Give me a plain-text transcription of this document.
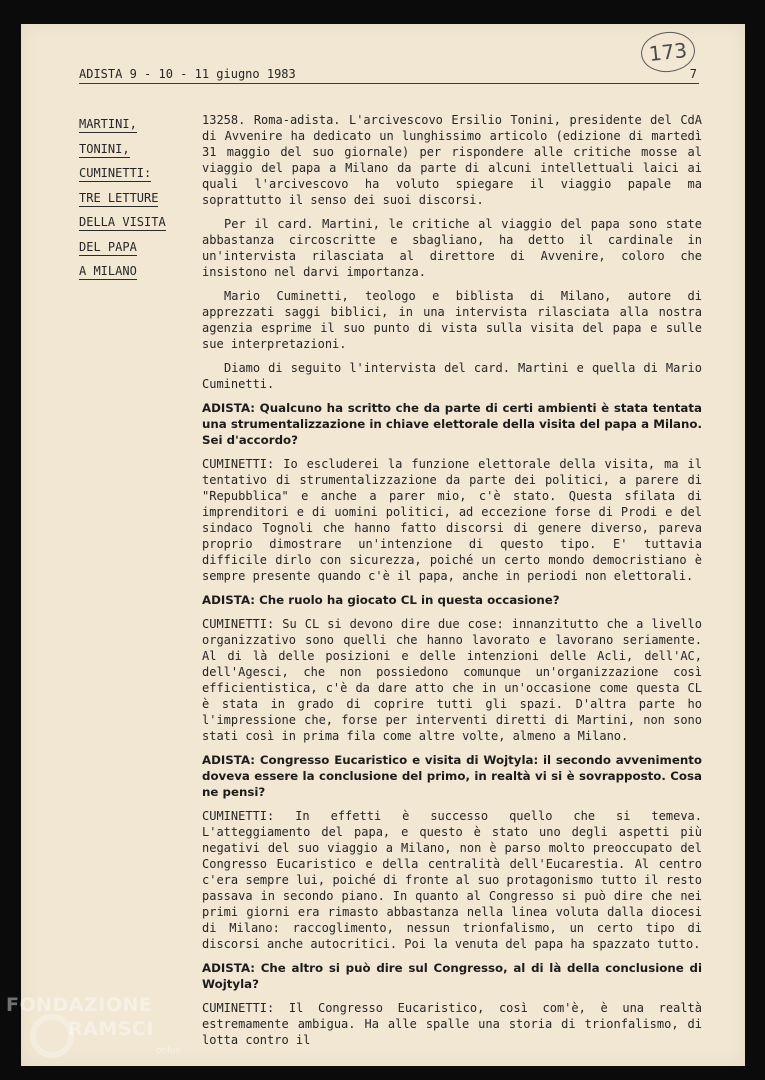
ADISTA 9 - 10 - 11 giugno 1983	7
173
MARTINI,
TONINI,
CUMINETTI:
TRE LETTURE
DELLA VISITA
DEL PAPA
A MILANO

13258. Roma-adista. L'arcivescovo Ersilio Tonini, presidente del CdA di Avvenire ha dedicato un lunghissimo articolo (edizione di martedì 31 maggio del suo giornale) per rispondere alle critiche mosse al viaggio del papa a Milano da parte di alcuni intellettuali laici ai quali l'arcivescovo ha voluto spiegare il viaggio papale ma soprattutto il senso dei suoi discorsi.

Per il card. Martini, le critiche al viaggio del papa sono state abbastanza circoscritte e sbagliano, ha detto il cardinale in un'intervista rilasciata al direttore di Avvenire, coloro che insistono nel darvi importanza.

Mario Cuminetti, teologo e biblista di Milano, autore di apprezzati saggi biblici, in una intervista rilasciata alla nostra agenzia esprime il suo punto di vista sulla visita del papa e sulle sue interpretazioni.

Diamo di seguito l'intervista del card. Martini e quella di Mario Cuminetti.

ADISTA: Qualcuno ha scritto che da parte di certi ambienti è stata tentata una strumentalizzazione in chiave elettorale della visita del papa a Milano. Sei d'accordo?

CUMINETTI: Io escluderei la funzione elettorale della visita, ma il tentativo di strumentalizzazione da parte dei politici, a parere di "Repubblica" e anche a parer mio, c'è stato. Questa sfilata di imprenditori e di uomini politici, ad eccezione forse di Prodi e del sindaco Tognoli che hanno fatto discorsi di genere diverso, pareva proprio dimostrare un'intenzione di questo tipo. E' tuttavia difficile dirlo con sicurezza, poiché un certo mondo democristiano è sempre presente quando c'è il papa, anche in periodi non elettorali.

ADISTA: Che ruolo ha giocato CL in questa occasione?

CUMINETTI: Su CL si devono dire due cose: innanzitutto che a livello organizzativo sono quelli che hanno lavorato e lavorano seriamente. Al di là delle posizioni e delle intenzioni delle Acli, dell'AC, dell'Agesci, che non possiedono comunque un'organizzazione così efficientistica, c'è da dare atto che in un'occasione come questa CL è stata in grado di coprire tutti gli spazi. D'altra parte ho l'impressione che, forse per interventi diretti di Martini, non sono stati così in prima fila come altre volte, almeno a Milano.

ADISTA: Congresso Eucaristico e visita di Wojtyla: il secondo avvenimento doveva essere la conclusione del primo, in realtà vi si è sovrapposto. Cosa ne pensi?

CUMINETTI: In effetti è successo quello che si temeva. L'atteggiamento del papa, e questo è stato uno degli aspetti più negativi del suo viaggio a Milano, non è parso molto preoccupato del Congresso Eucaristico e della centralità dell'Eucarestia. Al centro c'era sempre lui, poiché di fronte al suo protagonismo tutto il resto passava in secondo piano. In quanto al Congresso si può dire che nei primi giorni era rimasto abbastanza nella linea voluta dalla diocesi di Milano: raccoglimento, nessun trionfalismo, un certo tipo di discorsi anche autocritici. Poi la venuta del papa ha spazzato tutto.

ADISTA: Che altro si può dire sul Congresso, al di là della conclusione di Wojtyla?

CUMINETTI: Il Congresso Eucaristico, così com'è, è una realtà estremamente ambigua. Ha alle spalle una storia di trionfalismo, di lotta contro il

FONDAZIONE
RAMSCI
onlus
